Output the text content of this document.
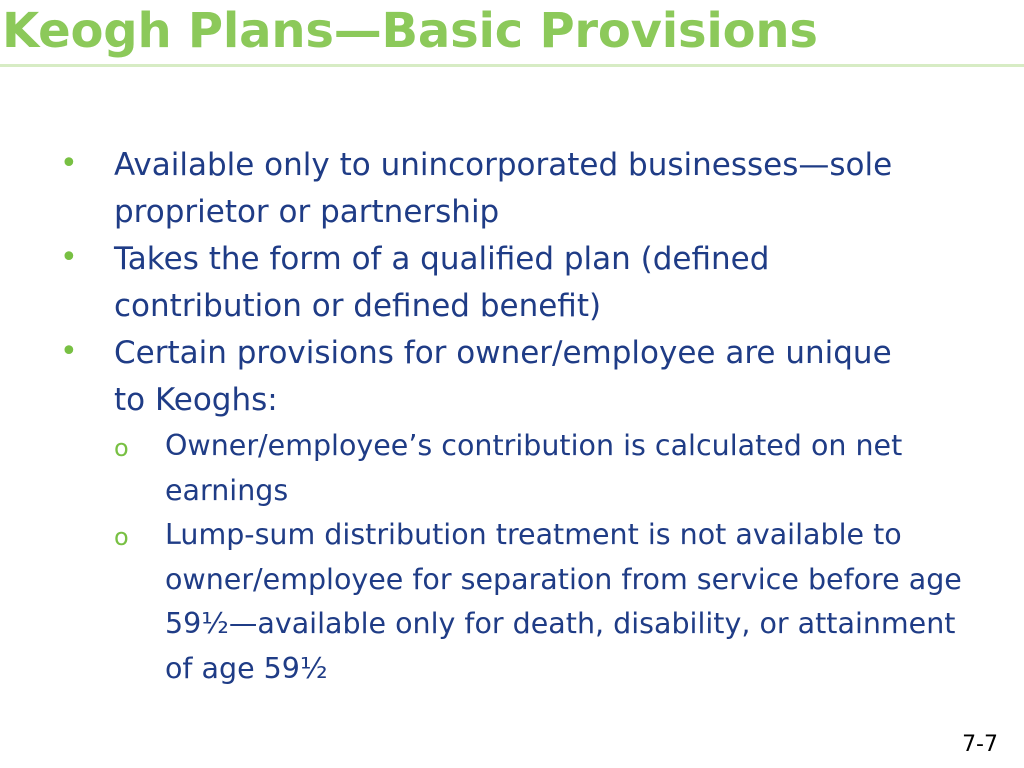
Keogh Plans—Basic Provisions
• Available only to unincorporated businesses—sole proprietor or partnership
• Takes the form of a qualified plan (defined contribution or defined benefit)
• Certain provisions for owner/employee are unique to Keoghs:
o Owner/employee’s contribution is calculated on net earnings
o Lump-sum distribution treatment is not available to owner/employee for separation from service before age 59½—available only for death, disability, or attainment of age 59½
7-7
